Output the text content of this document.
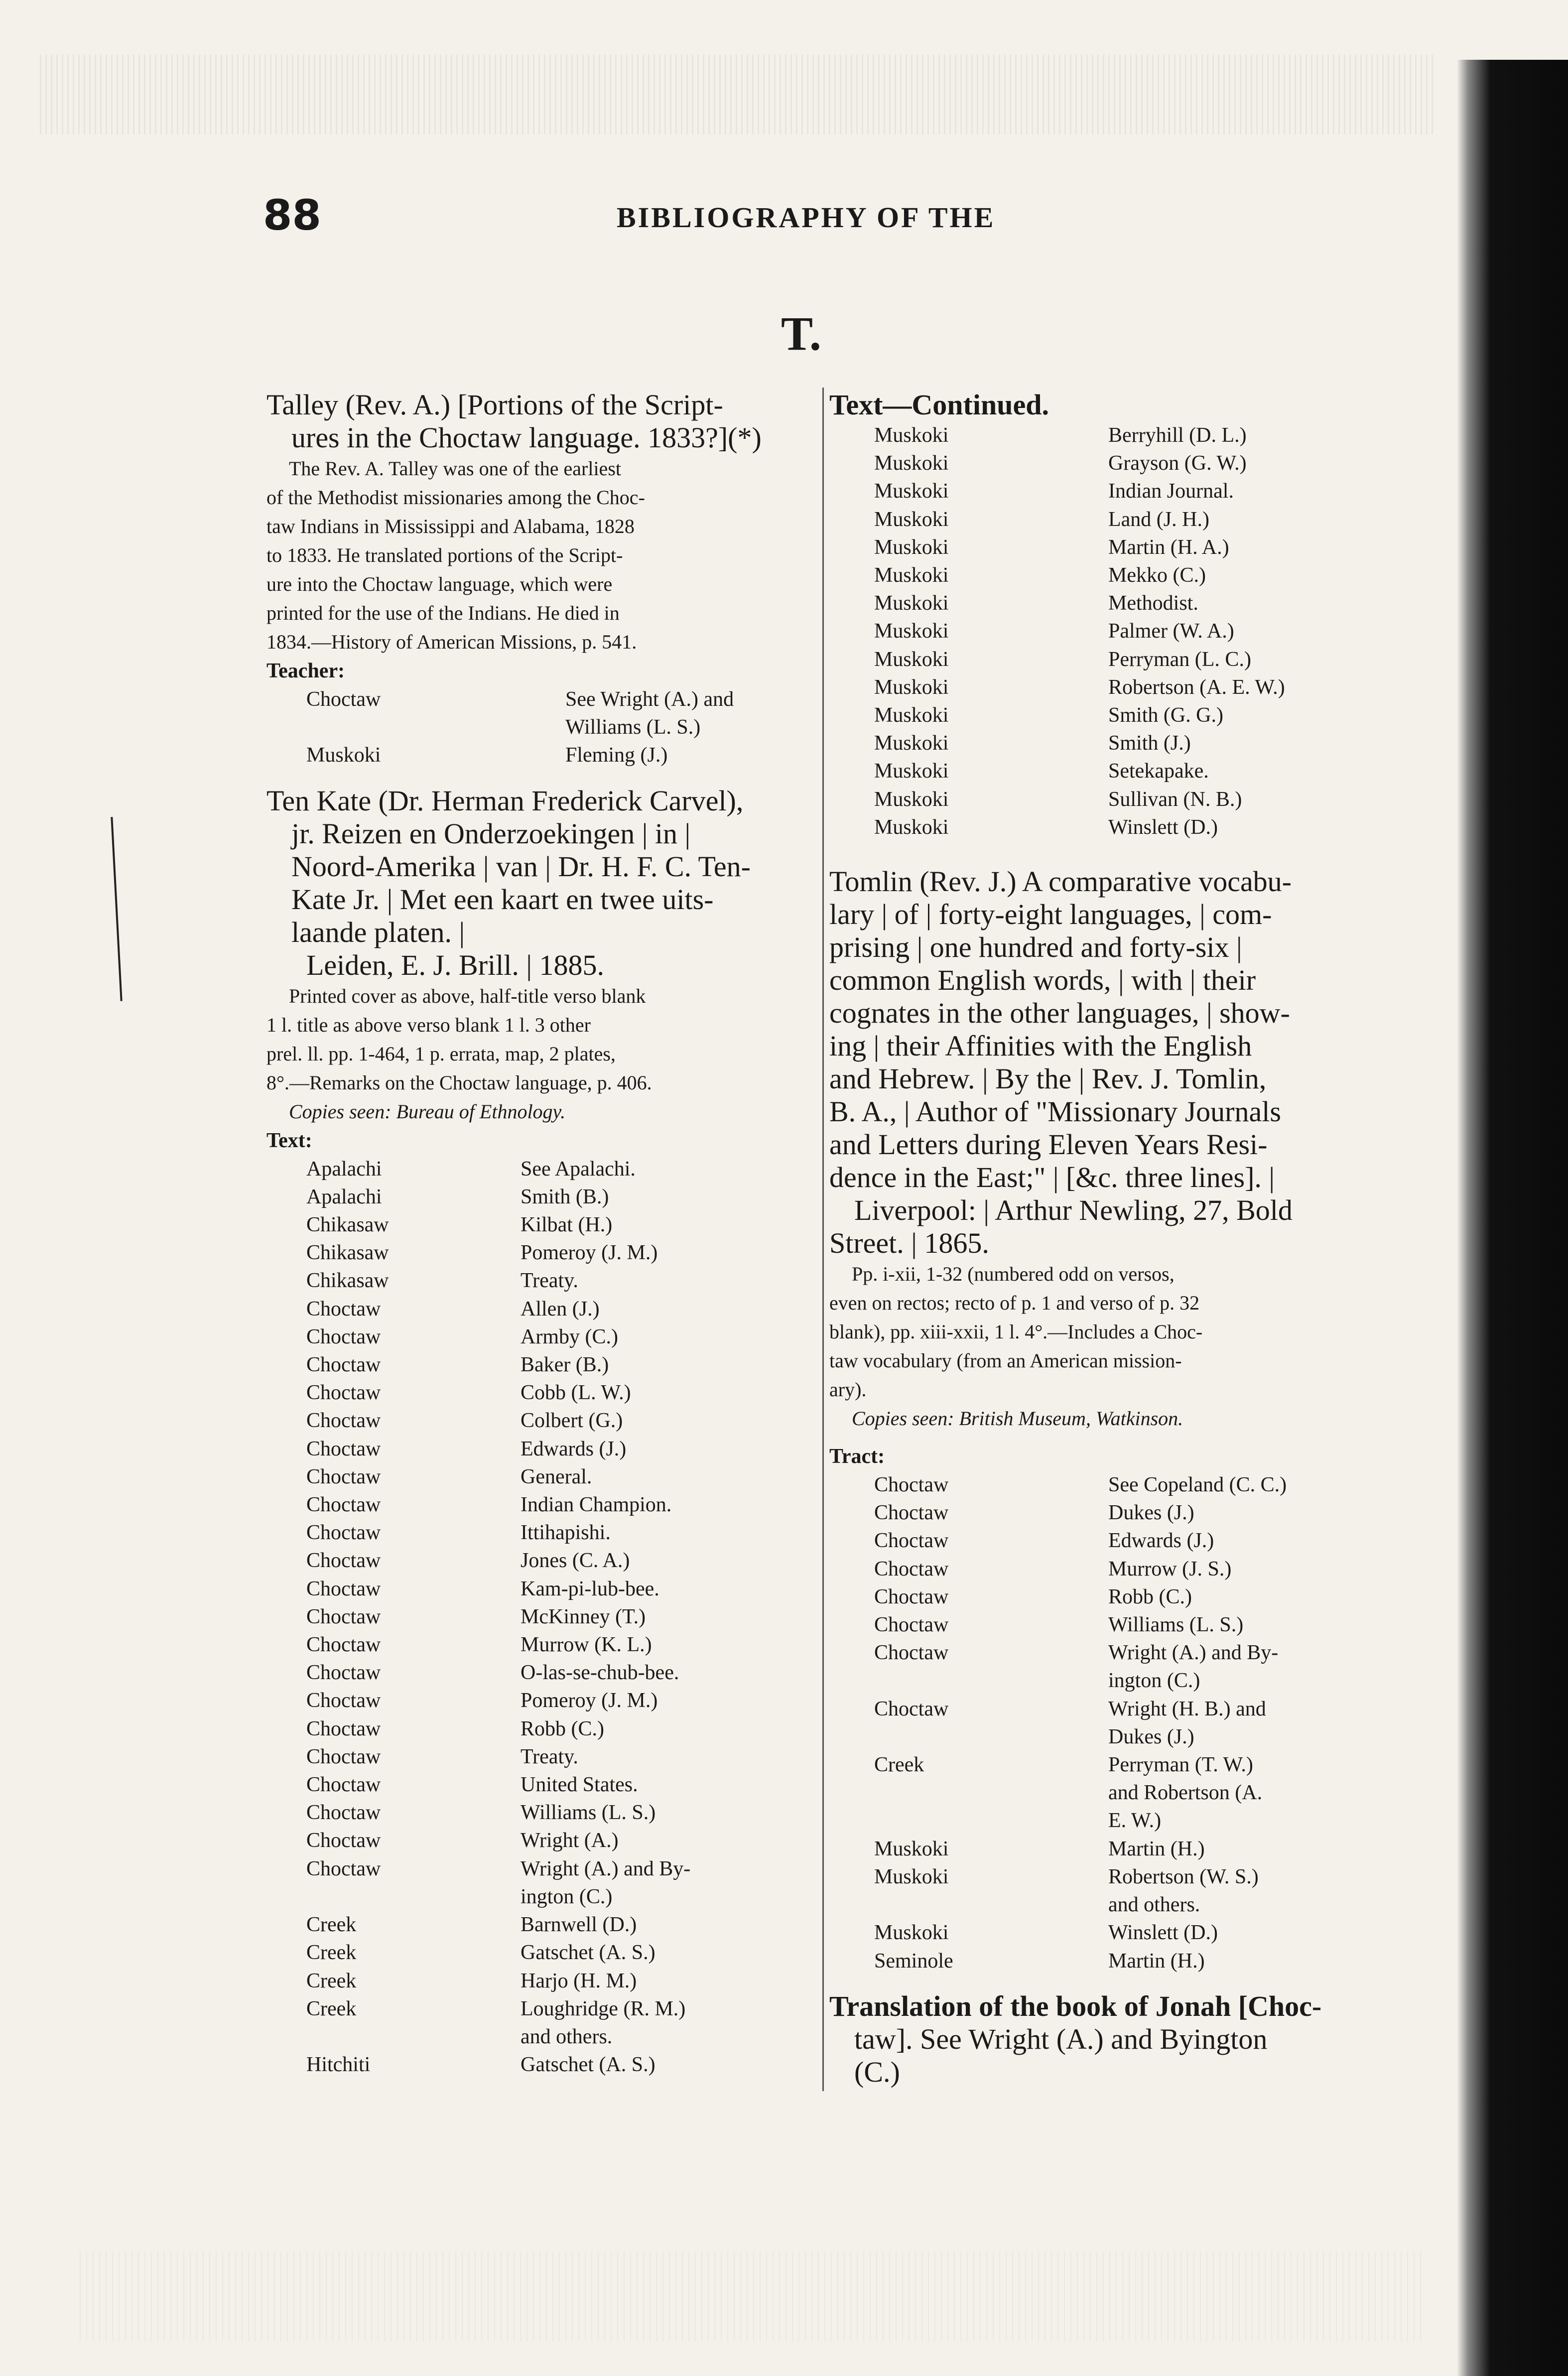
88	BIBLIOGRAPHY OF THE
T.

Talley (Rev. A.) [Portions of the Script-

ures in the Choctaw language. 1833?](*)

The Rev. A. Talley was one of the earliest

of the Methodist missionaries among the Choc-

taw Indians in Mississippi and Alabama, 1828

to 1833. He translated portions of the Script-

ure into the Choctaw language, which were

printed for the use of the Indians. He died in

1834.—History of American Missions, p. 541.

Teacher:

Choctaw	See Wright (A.) and
Williams (L. S.)
Muskoki	Fleming (J.)

Ten Kate (Dr. Herman Frederick Carvel),

jr. Reizen en Onderzoekingen | in |

Noord-Amerika | van | Dr. H. F. C. Ten-

Kate Jr. | Met een kaart en twee uits-

laande platen. |

Leiden, E. J. Brill. | 1885.

Printed cover as above, half-title verso blank

1 l. title as above verso blank 1 l. 3 other

prel. ll. pp. 1-464, 1 p. errata, map, 2 plates,

8°.—Remarks on the Choctaw language, p. 406.

Copies seen: Bureau of Ethnology.

Text:

Apalachi	See Apalachi.
Apalachi	Smith (B.)
Chikasaw	Kilbat (H.)
Chikasaw	Pomeroy (J. M.)
Chikasaw	Treaty.
Choctaw	Allen (J.)
Choctaw	Armby (C.)
Choctaw	Baker (B.)
Choctaw	Cobb (L. W.)
Choctaw	Colbert (G.)
Choctaw	Edwards (J.)
Choctaw	General.
Choctaw	Indian Champion.
Choctaw	Ittihapishi.
Choctaw	Jones (C. A.)
Choctaw	Kam-pi-lub-bee.
Choctaw	McKinney (T.)
Choctaw	Murrow (K. L.)
Choctaw	O-las-se-chub-bee.
Choctaw	Pomeroy (J. M.)
Choctaw	Robb (C.)
Choctaw	Treaty.
Choctaw	United States.
Choctaw	Williams (L. S.)
Choctaw	Wright (A.)
Choctaw	Wright (A.) and By-
ington (C.)
Creek	Barnwell (D.)
Creek	Gatschet (A. S.)
Creek	Harjo (H. M.)
Creek	Loughridge (R. M.)
and others.
Hitchiti	Gatschet (A. S.)

Text—Continued.

Muskoki	Berryhill (D. L.)
Muskoki	Grayson (G. W.)
Muskoki	Indian Journal.
Muskoki	Land (J. H.)
Muskoki	Martin (H. A.)
Muskoki	Mekko (C.)
Muskoki	Methodist.
Muskoki	Palmer (W. A.)
Muskoki	Perryman (L. C.)
Muskoki	Robertson (A. E. W.)
Muskoki	Smith (G. G.)
Muskoki	Smith (J.)
Muskoki	Setekapake.
Muskoki	Sullivan (N. B.)
Muskoki	Winslett (D.)

Tomlin (Rev. J.) A comparative vocabu-

lary | of | forty-eight languages, | com-

prising | one hundred and forty-six |

common English words, | with | their

cognates in the other languages, | show-

ing | their Affinities with the English

and Hebrew. | By the | Rev. J. Tomlin,

B. A., | Author of "Missionary Journals

and Letters during Eleven Years Resi-

dence in the East;" | [&c. three lines]. |

Liverpool: | Arthur Newling, 27, Bold

Street. | 1865.

Pp. i-xii, 1-32 (numbered odd on versos,

even on rectos; recto of p. 1 and verso of p. 32

blank), pp. xiii-xxii, 1 l. 4°.—Includes a Choc-

taw vocabulary (from an American mission-

ary).

Copies seen: British Museum, Watkinson.

Tract:

Choctaw	See Copeland (C. C.)
Choctaw	Dukes (J.)
Choctaw	Edwards (J.)
Choctaw	Murrow (J. S.)
Choctaw	Robb (C.)
Choctaw	Williams (L. S.)
Choctaw	Wright (A.) and By-
ington (C.)
Choctaw	Wright (H. B.) and
Dukes (J.)
Creek	Perryman (T. W.)
and Robertson (A.
E. W.)
Muskoki	Martin (H.)
Muskoki	Robertson (W. S.)
and others.
Muskoki	Winslett (D.)
Seminole	Martin (H.)

Translation of the book of Jonah [Choc-

taw]. See Wright (A.) and Byington

(C.)
